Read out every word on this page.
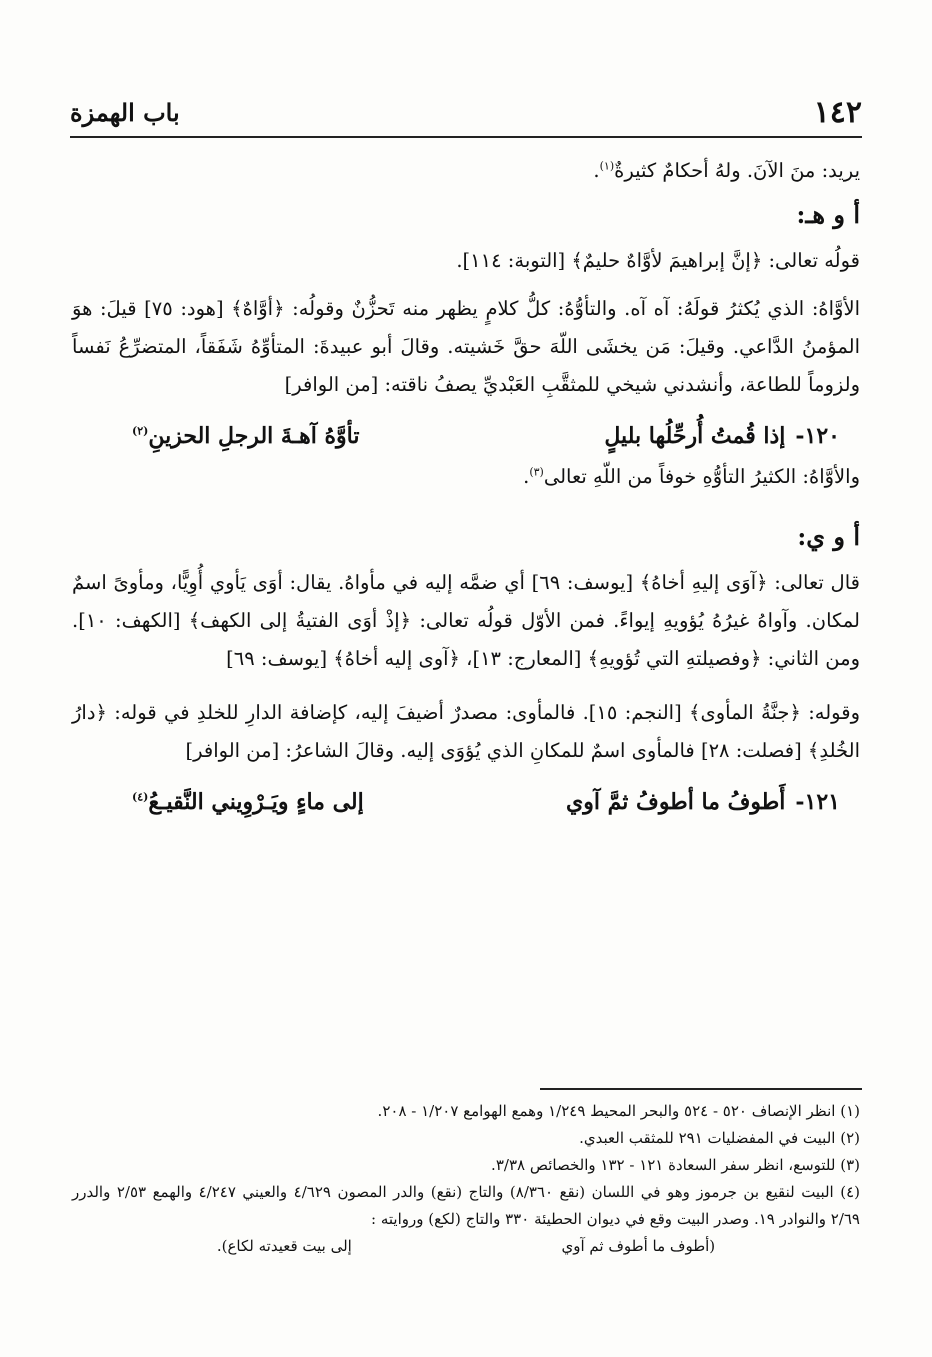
١٤٢
باب الهمزة

يريد: منَ الآنَ. ولهُ أحكامٌ كثيرةٌ$^{(١)}$.

أ و هـ:

قولُه تعالى: ﴿إنَّ إبراهيمَ لأوَّاهٌ حليمٌ﴾ [التوبة: ١١٤].

الأوَّاهُ: الذي يُكثرُ قولَهُ: آه آه. والتأوُّهُ: كلُّ كلامٍ يظهر منه تَحزُّنٌ وقولُه: ﴿أوَّاهٌ﴾ [هود: ٧٥] قيلَ: هوَ المؤمنُ الدَّاعي. وقيلَ: مَن يخشَى اللّهَ حقَّ خَشيته. وقالَ أبو عبيدةَ: المتأوِّهُ شَفَقاً، المتضرِّعُ نَفساً ولزوماً للطاعة، وأنشدني شيخي للمثقَّبِ العَبْديِّ يصفُ ناقته: [من الوافر]

١٢٠-إذا قُمتُ أُرحِّلُها بليلٍ
تأوَّهُ آهـةَ الرجلِ الحزينِ$^{(٢)}$

والأوَّاهُ: الكثيرُ التأوُّهِ خوفاً من اللّهِ تعالى$^{(٣)}$.

أ و ي:

قال تعالى: ﴿آوَى إليهِ أخاهُ﴾ [يوسف: ٦٩] أي ضمَّه إليه في مأواهُ. يقال: أوَى يَأوي أُوِيًّا، ومأوىً اسمٌ لمكان. وآواهُ غيرُهُ يُؤويهِ إيواءً. فمن الأوّل قولُه تعالى: ﴿إذْ أوَى الفتيةُ إلى الكهف﴾ [الكهف: ١٠]. ومن الثاني: ﴿وفصيلتهِ التي تُؤويهِ﴾ [المعارج: ١٣]، ﴿آوى إليه أخاهُ﴾ [يوسف: ٦٩]

وقوله: ﴿جنَّةُ المأوى﴾ [النجم: ١٥]. فالمأوى: مصدرٌ أضيفَ إليه، كإضافة الدارِ للخلدِ في قوله: ﴿دارُ الخُلدِ﴾ [فصلت: ٢٨] فالمأوى اسمٌ للمكانِ الذي يُؤوَى إليه. وقالَ الشاعرُ: [من الوافر]

١٢١-أَطوفُ ما أطوفُ ثمَّ آوي
إلى ماءٍ ويَـرْوِيني النَّقيـعُ$^{(٤)}$

(١) انظر الإنصاف ٥٢٠ - ٥٢٤ والبحر المحيط ١/٢٤٩ وهمع الهوامع ١/٢٠٧ - ٢٠٨.

(٢) البيت في المفضليات ٢٩١ للمثقب العبدي.

(٣) للتوسع، انظر سفر السعادة ١٢١ - ١٣٢ والخصائص ٣/٣٨.

(٤) البيت لنقيع بن جرموز وهو في اللسان (نقع ٨/٣٦٠) والتاج (نقع) والدر المصون ٤/٦٢٩ والعيني ٤/٢٤٧ والهمع ٢/٥٣ والدرر ٢/٦٩ والنوادر ١٩. وصدر البيت وقع في ديوان الحطيئة ٣٣٠ والتاج (لكع) وروايته :

(أطوف ما أطوف ثم آوي
إلى بيت قعيدته لكاع).
